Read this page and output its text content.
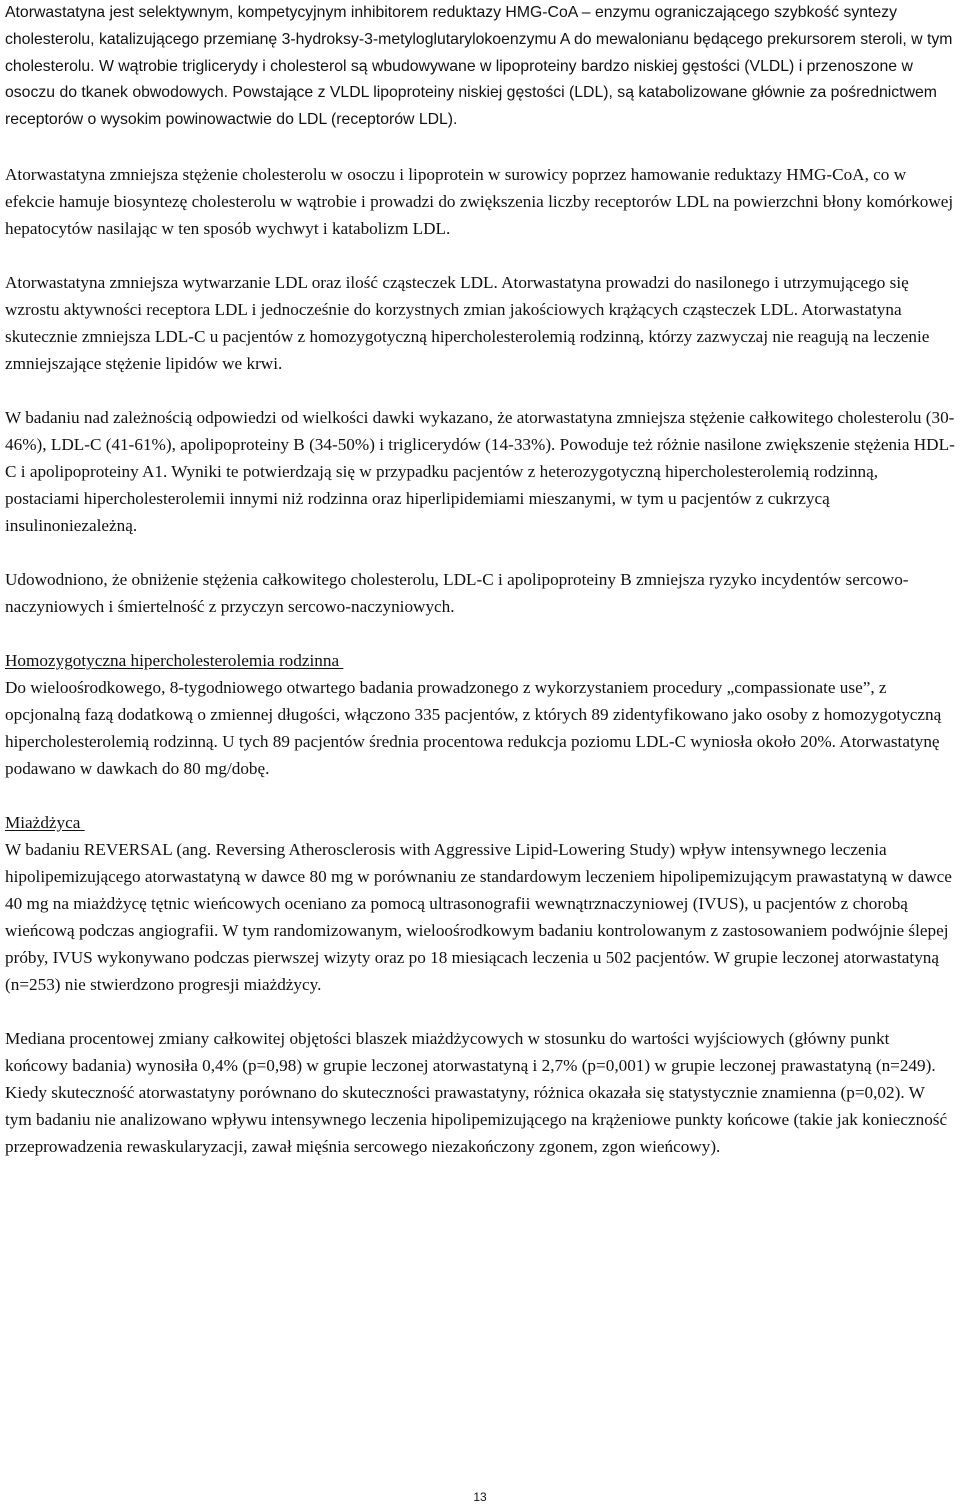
Atorwastatyna jest selektywnym, kompetycyjnym inhibitorem reduktazy HMG-CoA – enzymu ograniczającego szybkość syntezy cholesterolu, katalizującego przemianę 3-hydroksy-3-metyloglutarylokoenzymu A do mewalonianu będącego prekursorem steroli, w tym cholesterolu. W wątrobie triglicerydy i cholesterol są wbudowywane w lipoproteiny bardzo niskiej gęstości (VLDL) i przenoszone w osoczu do tkanek obwodowych. Powstające z VLDL lipoproteiny niskiej gęstości (LDL), są katabolizowane głównie za pośrednictwem receptorów o wysokim powinowactwie do LDL (receptorów LDL).

Atorwastatyna zmniejsza stężenie cholesterolu w osoczu i lipoprotein w surowicy poprzez hamowanie reduktazy HMG-CoA, co w efekcie hamuje biosyntezę cholesterolu w wątrobie i prowadzi do zwiększenia liczby receptorów LDL na powierzchni błony komórkowej hepatocytów nasilając w ten sposób wychwyt i katabolizm LDL.

Atorwastatyna zmniejsza wytwarzanie LDL oraz ilość cząsteczek LDL. Atorwastatyna prowadzi do nasilonego i utrzymującego się wzrostu aktywności receptora LDL i jednocześnie do korzystnych zmian jakościowych krążących cząsteczek LDL. Atorwastatyna skutecznie zmniejsza LDL-C u pacjentów z homozygotyczną hipercholesterolemią rodzinną, którzy zazwyczaj nie reagują na leczenie zmniejszające stężenie lipidów we krwi.

W badaniu nad zależnością odpowiedzi od wielkości dawki wykazano, że atorwastatyna zmniejsza stężenie całkowitego cholesterolu (30-46%), LDL-C (41-61%), apolipoproteiny B (34-50%) i triglicerydów (14-33%). Powoduje też różnie nasilone zwiększenie stężenia HDL-C i apolipoproteiny A1. Wyniki te potwierdzają się w przypadku pacjentów z heterozygotyczną hipercholesterolemią rodzinną, postaciami hipercholesterolemii innymi niż rodzinna oraz hiperlipidemiami mieszanymi, w tym u pacjentów z cukrzycą insulinoniezależną.

Udowodniono, że obniżenie stężenia całkowitego cholesterolu, LDL-C i apolipoproteiny B zmniejsza ryzyko incydentów sercowo-naczyniowych i śmiertelność z przyczyn sercowo-naczyniowych.

Homozygotyczna hipercholesterolemia rodzinna

Do wieloośrodkowego, 8-tygodniowego otwartego badania prowadzonego z wykorzystaniem procedury „compassionate use”, z opcjonalną fazą dodatkową o zmiennej długości, włączono 335 pacjentów, z których 89 zidentyfikowano jako osoby z homozygotyczną hipercholesterolemią rodzinną. U tych 89 pacjentów średnia procentowa redukcja poziomu LDL-C wyniosła około 20%. Atorwastatynę podawano w dawkach do 80 mg/dobę.

Miażdżyca

W badaniu REVERSAL (ang. Reversing Atherosclerosis with Aggressive Lipid-Lowering Study) wpływ intensywnego leczenia hipolipemizującego atorwastatyną w dawce 80 mg w porównaniu ze standardowym leczeniem hipolipemizującym prawastatyną w dawce 40 mg na miażdżycę tętnic wieńcowych oceniano za pomocą ultrasonografii wewnątrznaczyniowej (IVUS), u pacjentów z chorobą wieńcową podczas angiografii. W tym randomizowanym, wieloośrodkowym badaniu kontrolowanym z zastosowaniem podwójnie ślepej próby, IVUS wykonywano podczas pierwszej wizyty oraz po 18 miesiącach leczenia u 502 pacjentów. W grupie leczonej atorwastatyną (n=253) nie stwierdzono progresji miażdżycy.

Mediana procentowej zmiany całkowitej objętości blaszek miażdżycowych w stosunku do wartości wyjściowych (główny punkt końcowy badania) wynosiła 0,4% (p=0,98) w grupie leczonej atorwastatyną i 2,7% (p=0,001) w grupie leczonej prawastatyną (n=249). Kiedy skuteczność atorwastatyny porównano do skuteczności prawastatyny, różnica okazała się statystycznie znamienna (p=0,02). W tym badaniu nie analizowano wpływu intensywnego leczenia hipolipemizującego na krążeniowe punkty końcowe (takie jak konieczność przeprowadzenia rewaskularyzacji, zawał mięśnia sercowego niezakończony zgonem, zgon wieńcowy).

13
